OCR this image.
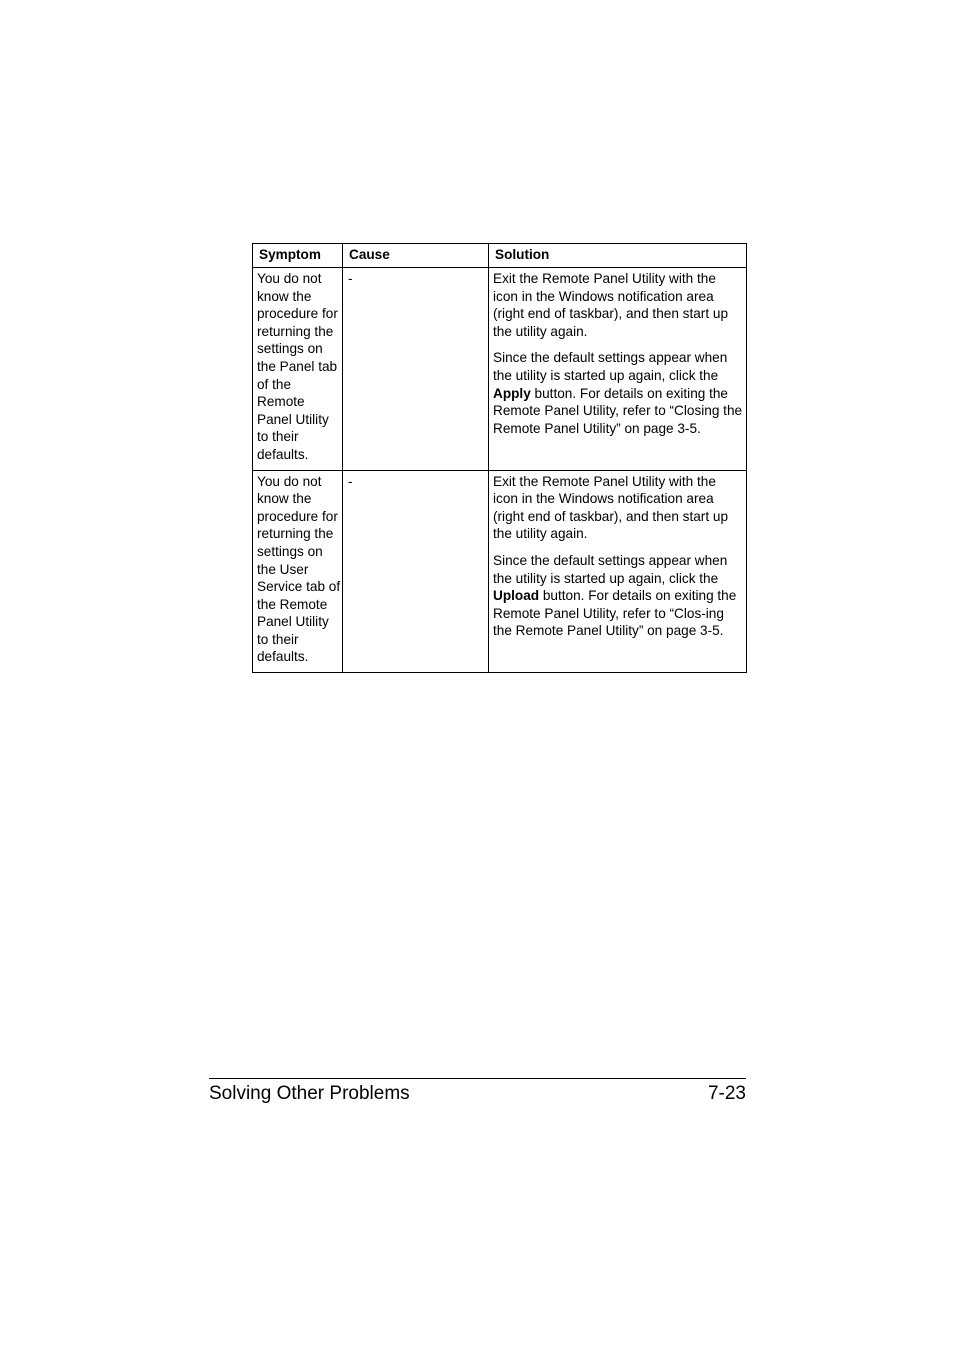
Symptom	Cause	Solution
You do not know the procedure for returning the settings on the Panel tab of the Remote Panel Utility to their defaults.	-	Exit the Remote Panel Utility with the icon in the Windows notification area (right end of taskbar), and then start up the utility again.

Since the default settings appear when the utility is started up again, click the Apply button. For details on exiting the Remote Panel Utility, refer to “Closing the Remote Panel Utility” on page 3-5.

You do not know the procedure for returning the settings on the User Service tab of the Remote Panel Utility to their defaults.	-	Exit the Remote Panel Utility with the icon in the Windows notification area (right end of taskbar), and then start up the utility again.

Since the default settings appear when the utility is started up again, click the Upload button. For details on exiting the Remote Panel Utility, refer to “Clos-ing the Remote Panel Utility” on page 3-5.

Solving Other Problems	7-23
